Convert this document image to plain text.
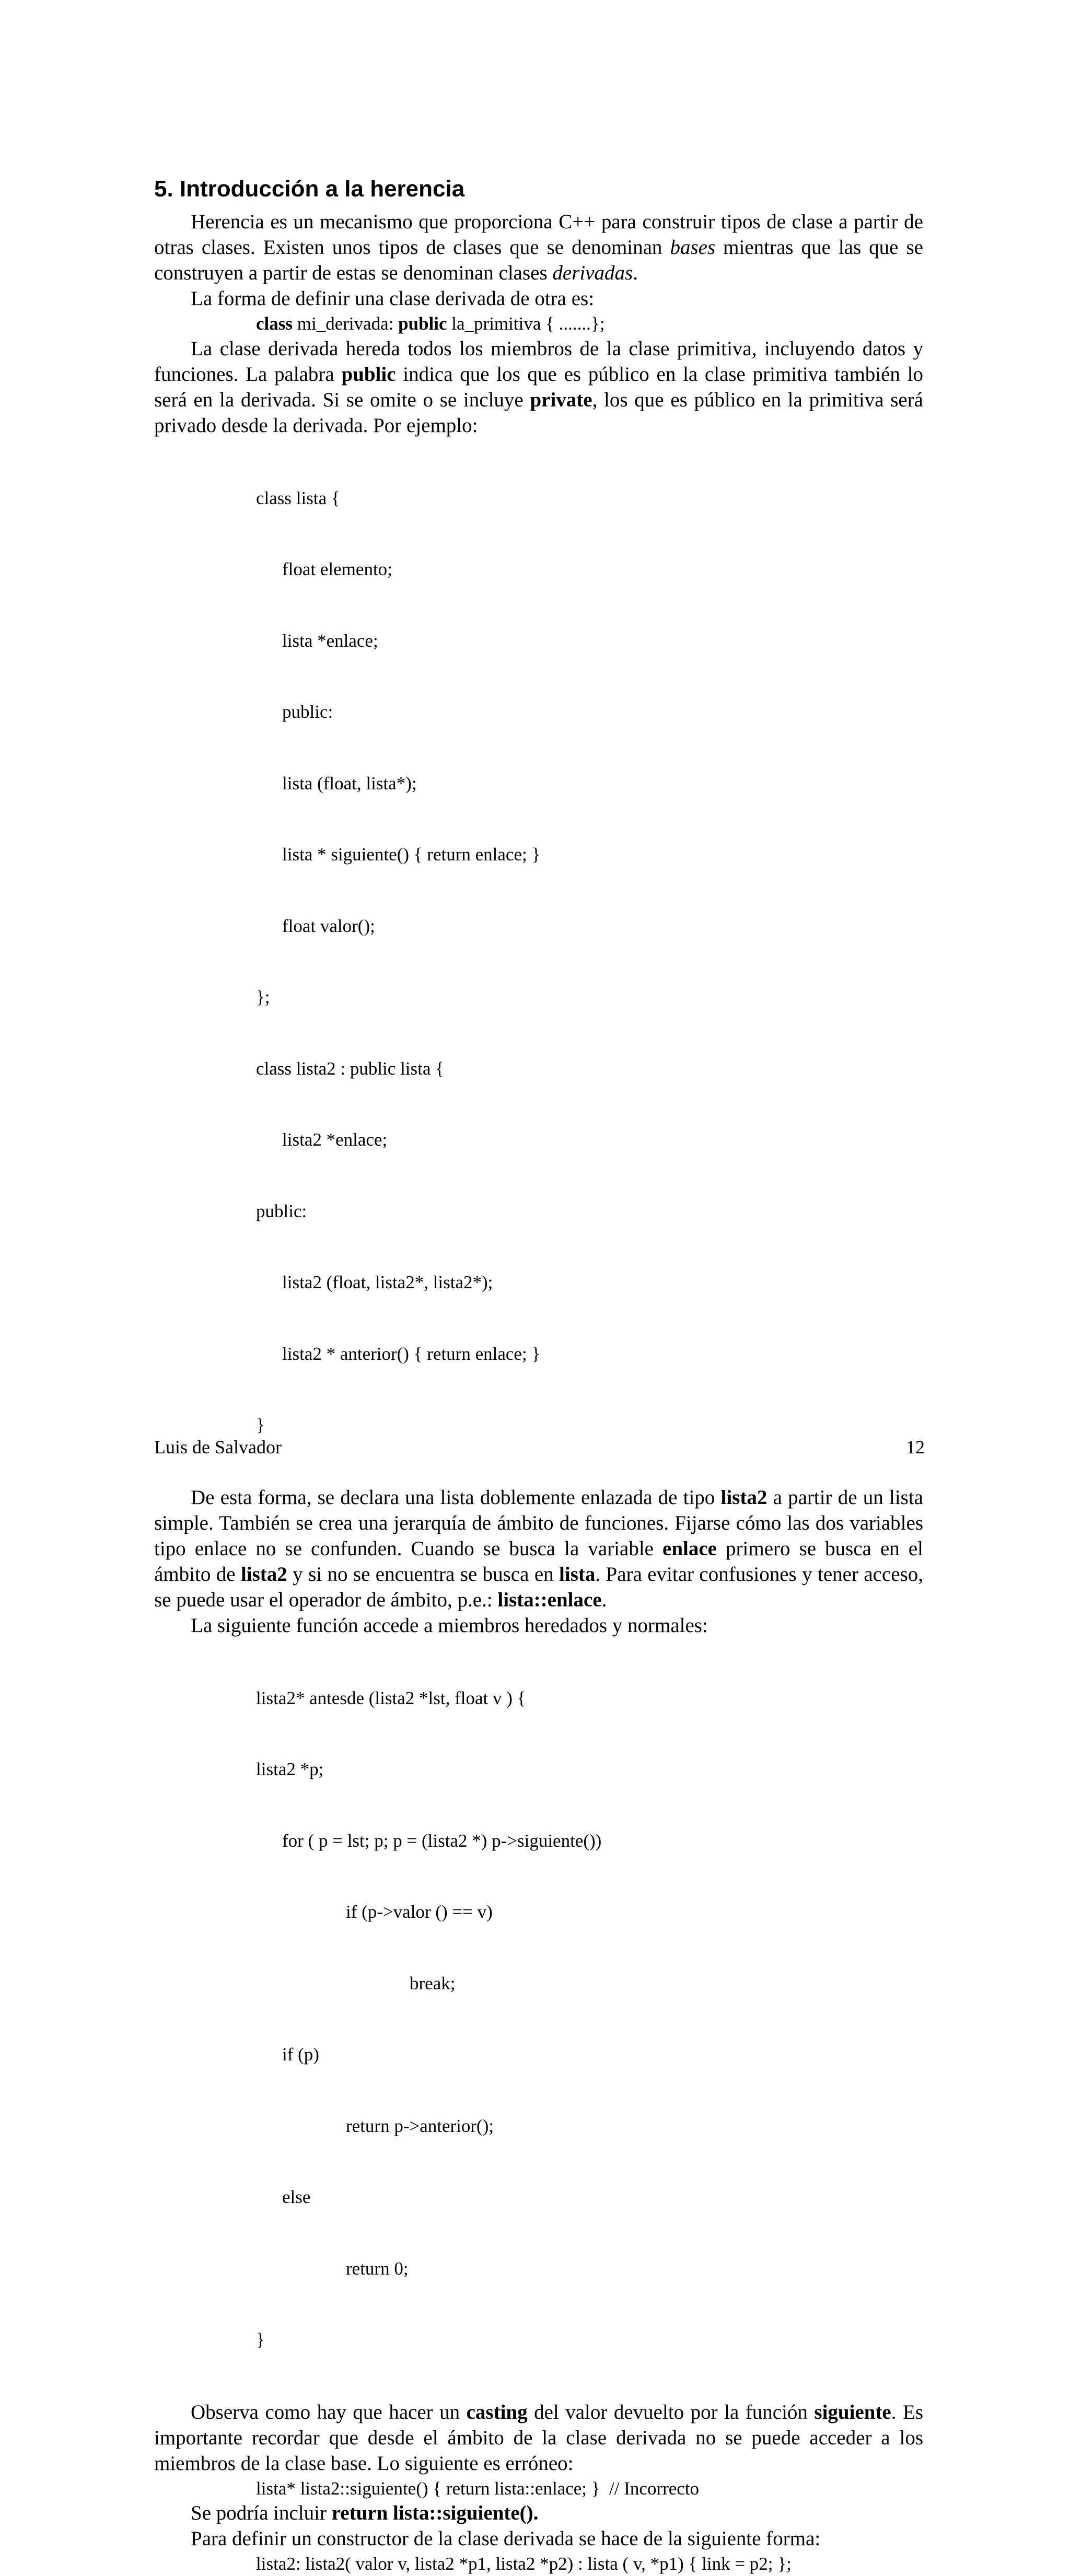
5. Introducción a la herencia

Herencia es un mecanismo que proporciona C++ para construir tipos de clase a partir de otras clases. Existen unos tipos de clases que se denominan bases mientras que las que se construyen a partir de estas se denominan clases derivadas.

La forma de definir una clase derivada de otra es:

class mi_derivada: public la_primitiva { .......};

La clase derivada hereda todos los miembros de la clase primitiva, incluyendo datos y funciones. La palabra public indica que los que es público en la clase primitiva también lo será en la derivada. Si se omite o se incluye private, los que es público en la primitiva será privado desde la derivada. Por ejemplo:

class lista {

float elemento;

lista *enlace;

public:

lista (float, lista*);

lista * siguiente() { return enlace; }

float valor();

};

class lista2 : public lista {

lista2 *enlace;

public:

lista2 (float, lista2*, lista2*);

lista2 * anterior() { return enlace; }

}

De esta forma, se declara una lista doblemente enlazada de tipo lista2 a partir de un lista simple. También se crea una jerarquía de ámbito de funciones. Fijarse cómo las dos variables tipo enlace no se confunden. Cuando se busca la variable enlace primero se busca en el ámbito de lista2 y si no se encuentra se busca en lista. Para evitar confusiones y tener acceso, se puede usar el operador de ámbito, p.e.: lista::enlace.

La siguiente función accede a miembros heredados y normales:

lista2* antesde (lista2 *lst, float v ) {

lista2 *p;

for ( p = lst; p; p = (lista2 *) p->siguiente())

if (p->valor () == v)

break;

if (p)

return p->anterior();

else

return 0;

}

Observa como hay que hacer un casting del valor devuelto por la función siguiente. Es importante recordar que desde el ámbito de la clase derivada no se puede acceder a los miembros de la clase base. Lo siguiente es erróneo:

lista* lista2::siguiente() { return lista::enlace; }  // Incorrecto

Se podría incluir return lista::siguiente().

Para definir un constructor de la clase derivada se hace de la siguiente forma:

lista2: lista2( valor v, lista2 *p1, lista2 *p2) : lista ( v, *p1) { link = p2; };
Luis de Salvador	12
